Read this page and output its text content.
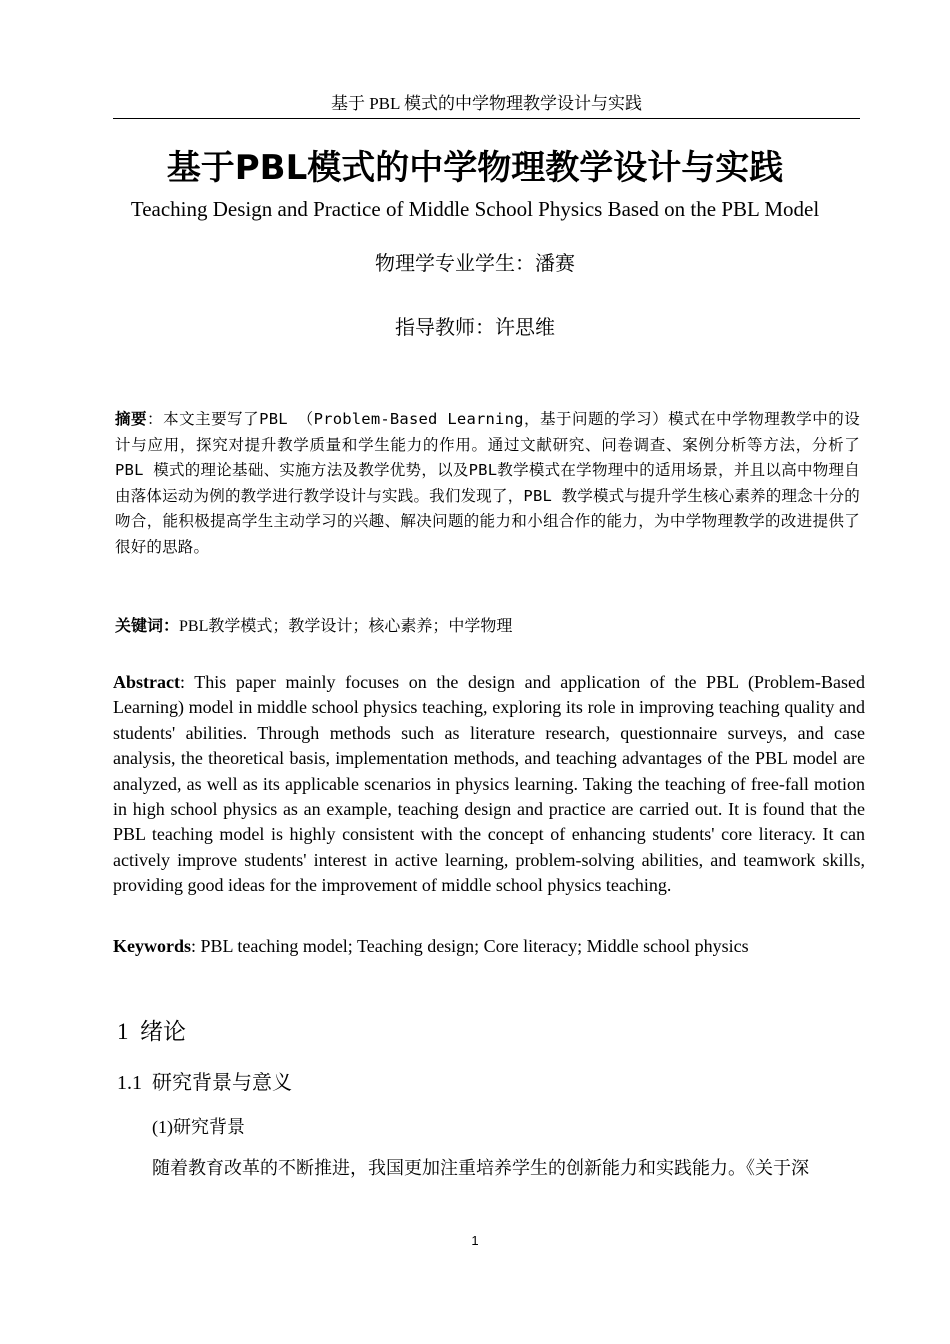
基于 PBL 模式的中学物理教学设计与实践
基于PBL模式的中学物理教学设计与实践
Teaching Design and Practice of Middle School Physics Based on the PBL Model
物理学专业学生：潘赛
指导教师：许思维
摘要：本文主要写了PBL （Problem-Based Learning，基于问题的学习）模式在中学物理教学中的设计与应用，探究对提升教学质量和学生能力的作用。通过文献研究、问卷调查、案例分析等方法，分析了 PBL 模式的理论基础、实施方法及教学优势，以及PBL教学模式在学物理中的适用场景，并且以高中物理自由落体运动为例的教学进行教学设计与实践。我们发现了，PBL 教学模式与提升学生核心素养的理念十分的吻合，能积极提高学生主动学习的兴趣、解决问题的能力和小组合作的能力，为中学物理教学的改进提供了很好的思路。
关键词：PBL教学模式；教学设计；核心素养；中学物理
Abstract: This paper mainly focuses on the design and application of the PBL (Problem-Based Learning) model in middle school physics teaching, exploring its role in improving teaching quality and students' abilities. Through methods such as literature research, questionnaire surveys, and case analysis, the theoretical basis, implementation methods, and teaching advantages of the PBL model are analyzed, as well as its applicable scenarios in physics learning. Taking the teaching of free-fall motion in high school physics as an example, teaching design and practice are carried out. It is found that the PBL teaching model is highly consistent with the concept of enhancing students' core literacy. It can actively improve students' interest in active learning, problem-solving abilities, and teamwork skills, providing good ideas for the improvement of middle school physics teaching.
Keywords: PBL teaching model; Teaching design; Core literacy; Middle school physics
1 绪论
1.1 研究背景与意义
(1)研究背景
随着教育改革的不断推进，我国更加注重培养学生的创新能力和实践能力。《关于深
1
